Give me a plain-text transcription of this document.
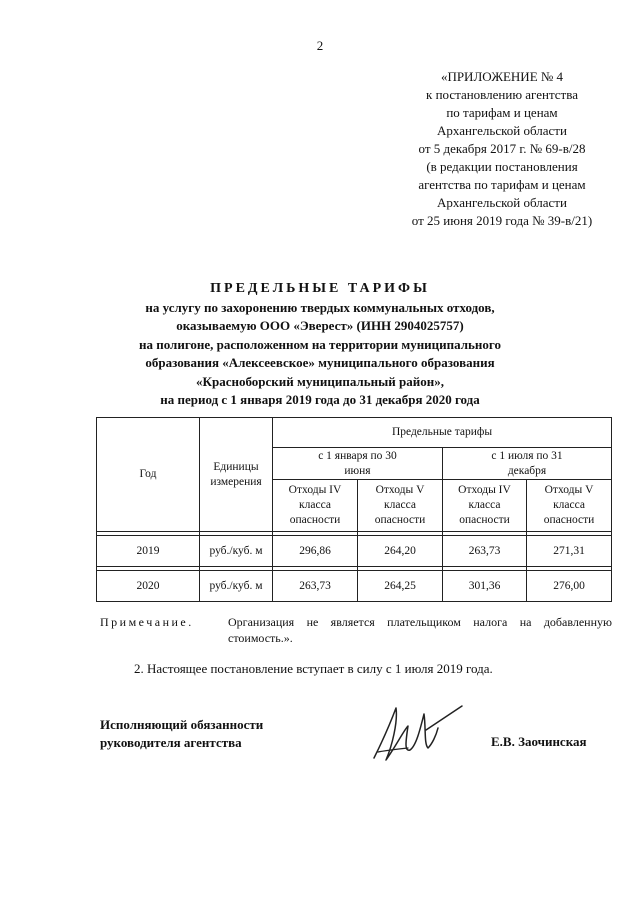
2
«ПРИЛОЖЕНИЕ № 4
к постановлению агентства
по тарифам и ценам
Архангельской области
от 5 декабря 2017 г. № 69-в/28
(в редакции постановления
агентства по тарифам и ценам
Архангельской области
от 25 июня 2019 года № 39-в/21)
ПРЕДЕЛЬНЫЕ ТАРИФЫ
на услугу по захоронению твердых коммунальных отходов,
оказываемую ООО «Эверест» (ИНН 2904025757)
на полигоне, расположенном на территории муниципального
образования «Алексеевское» муниципального образования
«Красноборский муниципальный район»,
на период с 1 января 2019 года до 31 декабря 2020 года
Год	Единицы измерения	Предельные тарифы			
		с 1 января по 30 июня		с 1 июля по 31 декабря	
		Отходы IV класса опасности	Отходы V класса опасности	Отходы IV класса опасности	Отходы V класса опасности

2019	руб./куб. м	296,86	264,20	263,73	271,31

2020	руб./куб. м	263,73	264,25	301,36	276,00
Примечание.	Организация не является плательщиком налога на добавленную стоимость.».
2. Настоящее постановление вступает в силу с 1 июля 2019 года.
Исполняющий обязанности
руководителя агентства	Е.В. Заочинская
